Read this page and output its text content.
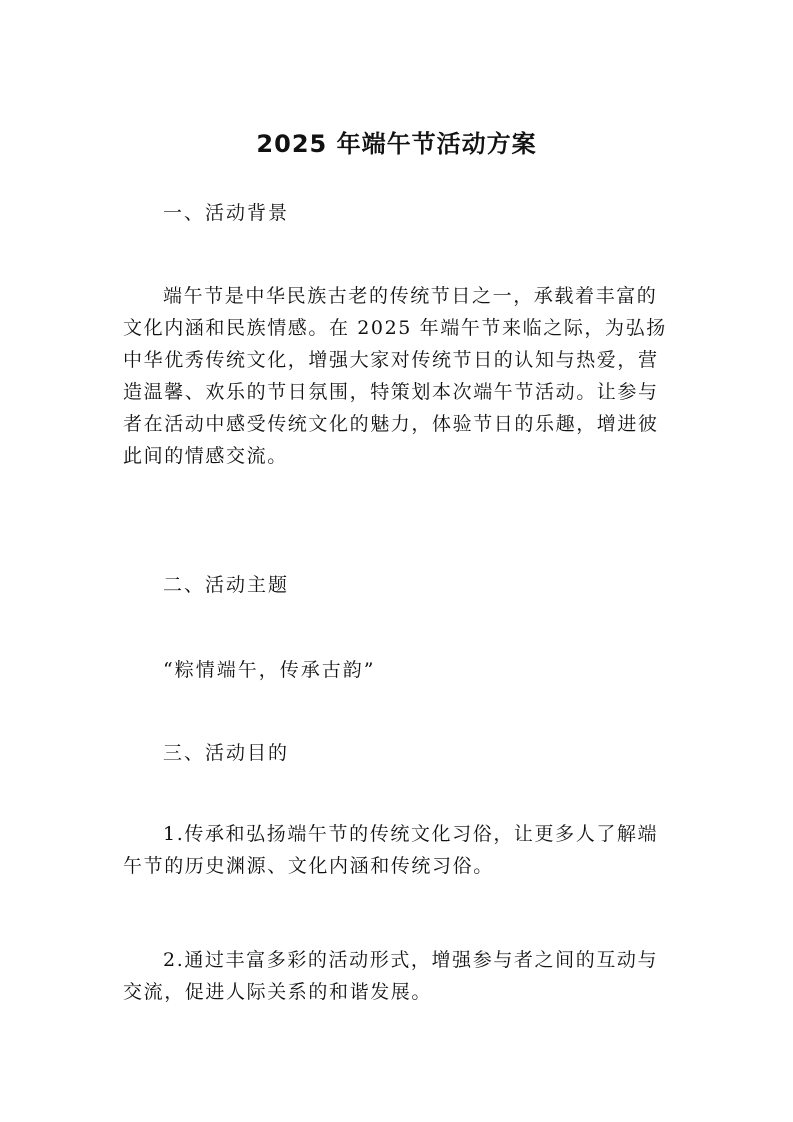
2025 年端午节活动方案
一、活动背景
端午节是中华民族古老的传统节日之一，承载着丰富的
文化内涵和民族情感。在 2025 年端午节来临之际，为弘扬
中华优秀传统文化，增强大家对传统节日的认知与热爱，营
造温馨、欢乐的节日氛围，特策划本次端午节活动。让参与
者在活动中感受传统文化的魅力，体验节日的乐趣，增进彼
此间的情感交流。
二、活动主题
“粽情端午，传承古韵”
三、活动目的
1.传承和弘扬端午节的传统文化习俗，让更多人了解端
午节的历史渊源、文化内涵和传统习俗。
2.通过丰富多彩的活动形式，增强参与者之间的互动与
交流，促进人际关系的和谐发展。
